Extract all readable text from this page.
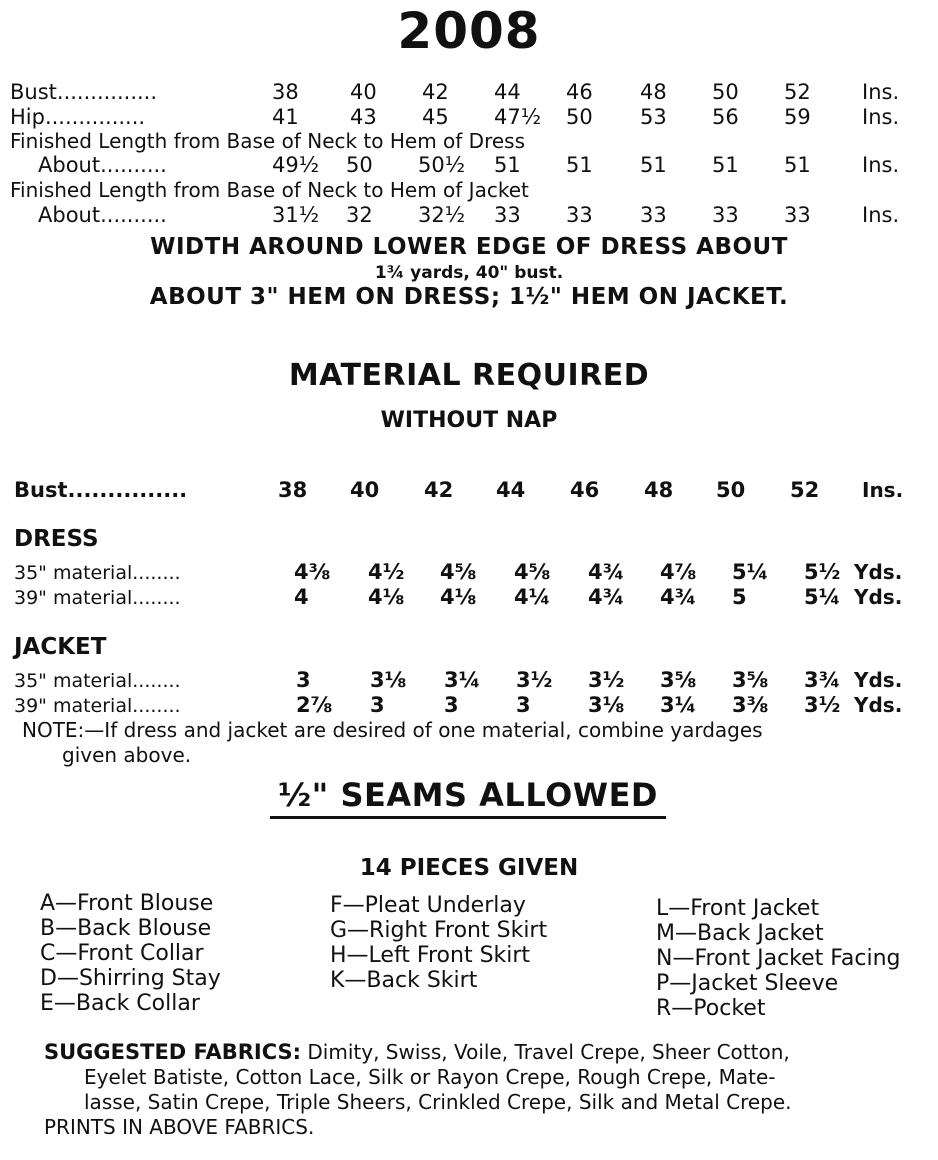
2008
Bust...............	38 40 42 44 46 48 50 52 Ins.
Hip...............	41 43 45 47½ 50 53 56 59 Ins.
Finished Length from Base of Neck to Hem of Dress
About..........	49½ 50 50½ 51 51 51 51 51 Ins.
Finished Length from Base of Neck to Hem of Jacket
About..........	31½ 32 32½ 33 33 33 33 33 Ins.
WIDTH AROUND LOWER EDGE OF DRESS ABOUT
1¾ yards, 40" bust.
ABOUT 3" HEM ON DRESS; 1½" HEM ON JACKET.
MATERIAL REQUIRED
WITHOUT NAP
Bust...............	38 40 42 44 46 48 50 52 Ins.
DRESS
35" material........	4⅜ 4½ 4⅝ 4⅝ 4¾ 4⅞ 5¼ 5½ Yds.
39" material........	4	4⅛ 4⅛ 4¼ 4¾ 4¾ 5	5¼ Yds.
JACKET
35" material........	3	3⅛ 3¼ 3½ 3½ 3⅝ 3⅝ 3¾ Yds.
39" material........	2⅞ 3	3	3	3⅛ 3¼ 3⅜ 3½ Yds.
NOTE:—If dress and jacket are desired of one material, combine yardages
given above.
½" SEAMS ALLOWED
14 PIECES GIVEN
A—Front Blouse
B—Back Blouse
C—Front Collar
D—Shirring Stay
E—Back Collar
F—Pleat Underlay
G—Right Front Skirt
H—Left Front Skirt
K—Back Skirt
L—Front Jacket
M—Back Jacket
N—Front Jacket Facing
P—Jacket Sleeve
R—Pocket
SUGGESTED FABRICS: Dimity, Swiss, Voile, Travel Crepe, Sheer Cotton,
Eyelet Batiste, Cotton Lace, Silk or Rayon Crepe, Rough Crepe, Mate-
lasse, Satin Crepe, Triple Sheers, Crinkled Crepe, Silk and Metal Crepe.
PRINTS IN ABOVE FABRICS.
